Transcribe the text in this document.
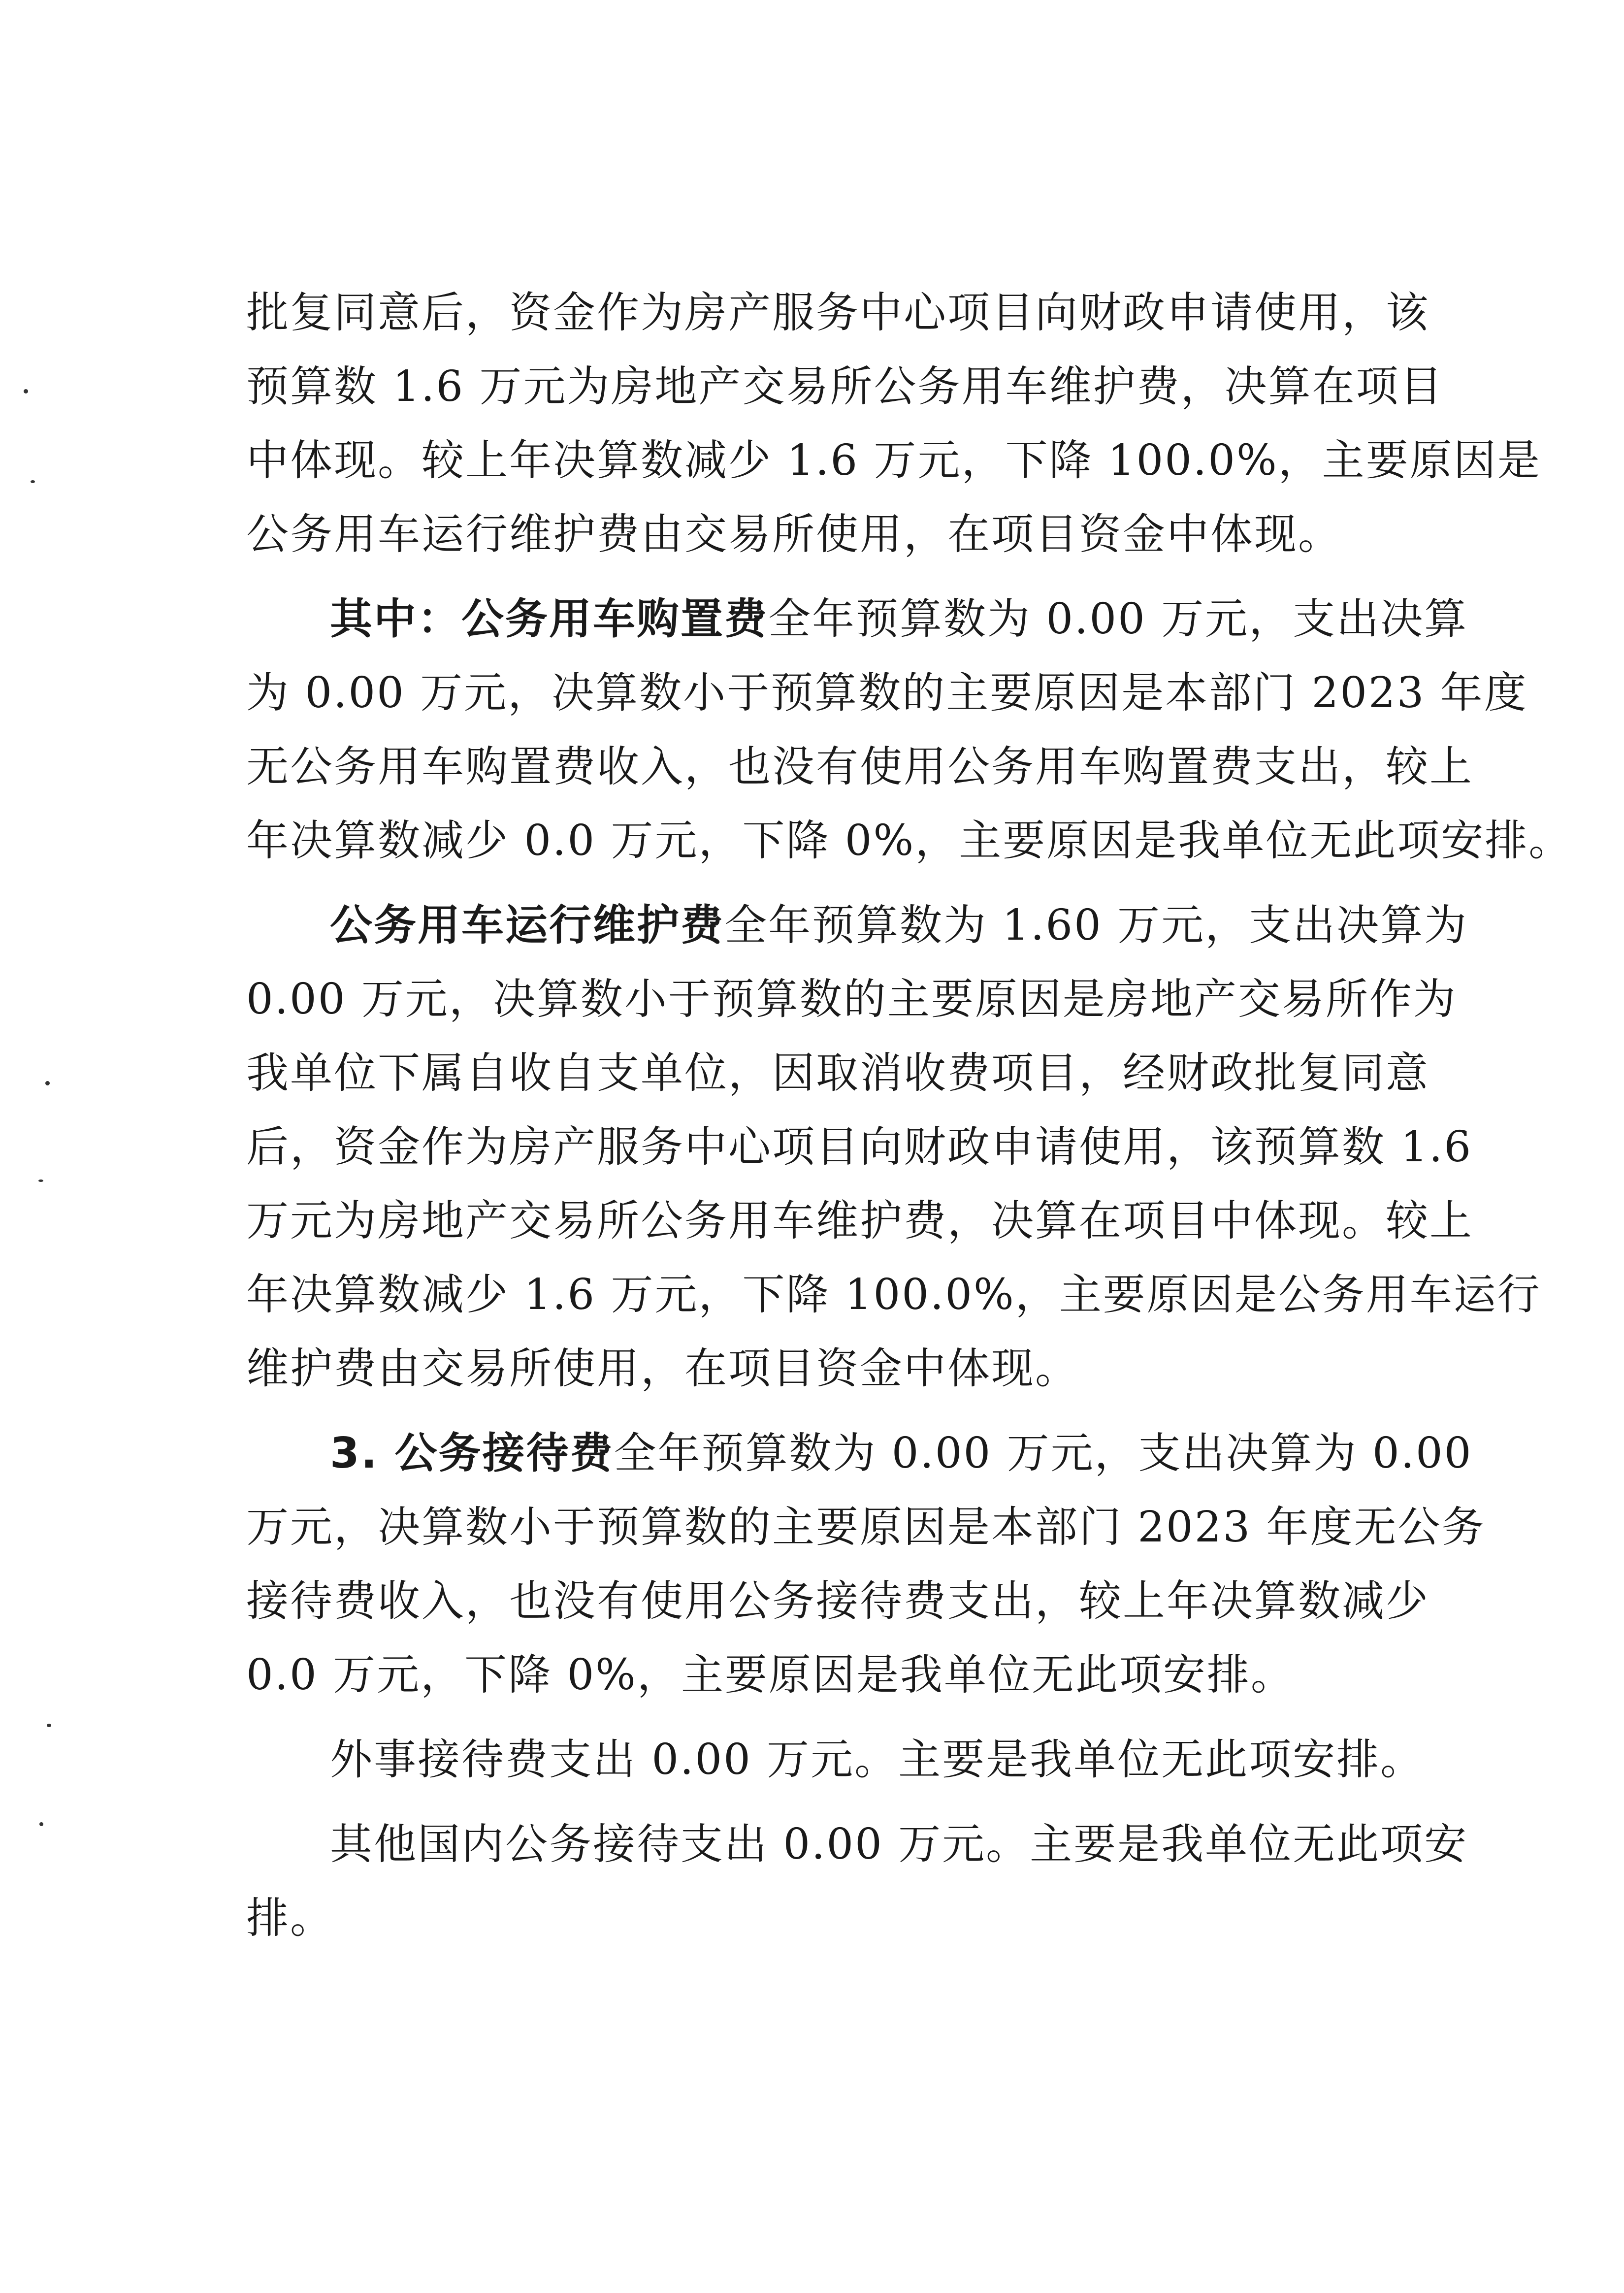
批复同意后，资金作为房产服务中心项目向财政申请使用，该
预算数 1.6 万元为房地产交易所公务用车维护费，决算在项目
中体现。较上年决算数减少 1.6 万元，下降 100.0%，主要原因是
公务用车运行维护费由交易所使用，在项目资金中体现。
其中：公务用车购置费全年预算数为 0.00 万元，支出决算
为 0.00 万元，决算数小于预算数的主要原因是本部门 2023 年度
无公务用车购置费收入，也没有使用公务用车购置费支出，较上
年决算数减少 0.0 万元，下降 0%，主要原因是我单位无此项安排。
公务用车运行维护费全年预算数为 1.60 万元，支出决算为
0.00 万元，决算数小于预算数的主要原因是房地产交易所作为
我单位下属自收自支单位，因取消收费项目，经财政批复同意
后，资金作为房产服务中心项目向财政申请使用，该预算数 1.6
万元为房地产交易所公务用车维护费，决算在项目中体现。较上
年决算数减少 1.6 万元，下降 100.0%，主要原因是公务用车运行
维护费由交易所使用，在项目资金中体现。
3. 公务接待费全年预算数为 0.00 万元，支出决算为 0.00
万元，决算数小于预算数的主要原因是本部门 2023 年度无公务
接待费收入，也没有使用公务接待费支出，较上年决算数减少
0.0 万元，下降 0%，主要原因是我单位无此项安排。
外事接待费支出 0.00 万元。主要是我单位无此项安排。
其他国内公务接待支出 0.00 万元。主要是我单位无此项安
排。
